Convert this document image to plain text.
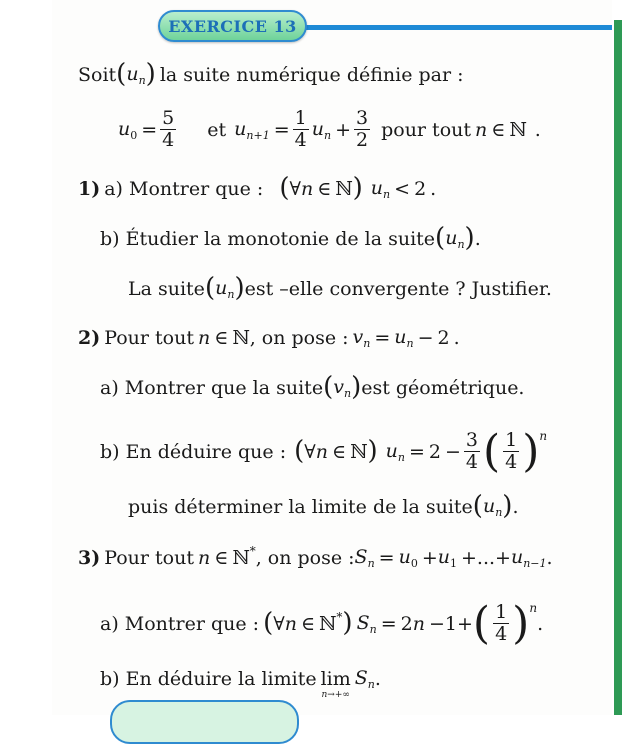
EXERCICE 13
Soit ( $u_n$ ) la suite numérique définie par :
$u_0 = \frac{5}{4}$ et $u_{n+1} = \frac{1}{4} u_n + \frac{3}{2}$ pour tout n ∈ ℕ .
1) a) Montrer que : ( ∀ n ∈ ℕ ) $u_n < 2$ .
b) Étudier la monotonie de la suite ( $u_n$ ) .
La suite ( $u_n$ ) est –elle convergente ? Justifier.
2) Pour tout n ∈ ℕ , on pose : $v_n = u_n - 2$ .
a) Montrer que la suite ( $v_n$ ) est géométrique.
b) En déduire que : ( ∀ n ∈ ℕ ) $u_n = 2 - \frac{3}{4}$ ( $\frac{1}{4}$ ) n
puis déterminer la limite de la suite ( $u_n$ ) .
3) Pour tout n ∈ ℕ * , on pose : $S_n = u_0 + u_1$ +...+ $u_{n-1}$ .
a) Montrer que : ( ∀ n ∈ ℕ * ) $S_n = 2$ n −1+ ( $\frac{1}{4}$ ) n
.
b) En déduire la limite lim
n→+∞
$S_n$ .
